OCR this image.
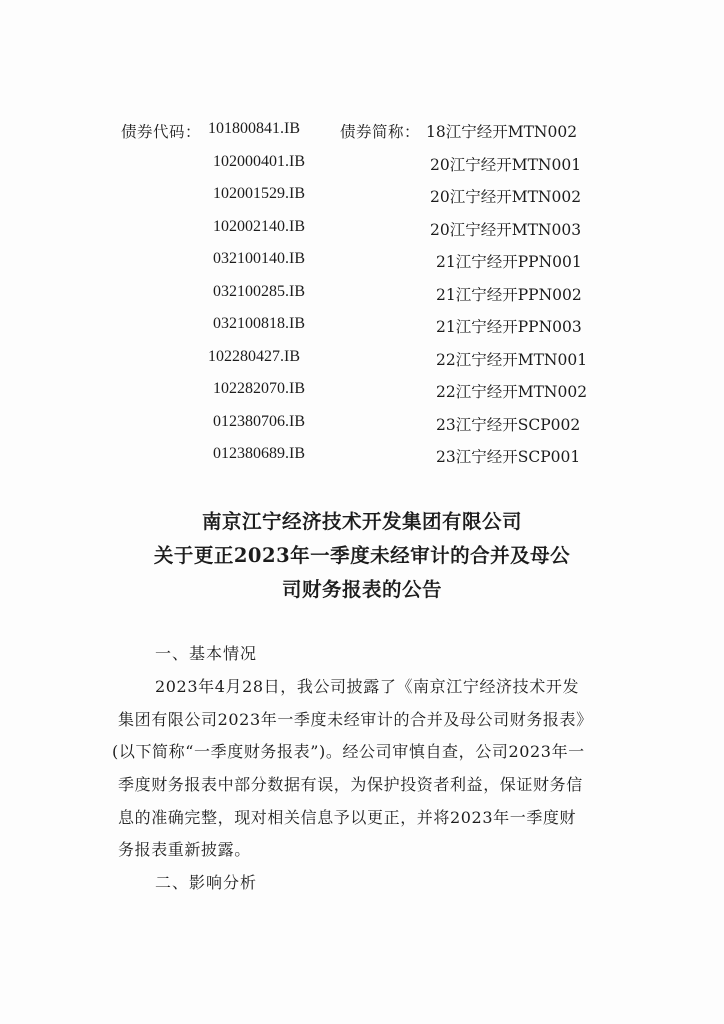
债券代码：	债券简称：
101800841.IB	18江宁经开MTN002
102000401.IB	20江宁经开MTN001
102001529.IB	20江宁经开MTN002
102002140.IB	20江宁经开MTN003
032100140.IB	21江宁经开PPN001
032100285.IB	21江宁经开PPN002
032100818.IB	21江宁经开PPN003
102280427.IB	22江宁经开MTN001
102282070.IB	22江宁经开MTN002
012380706.IB	23江宁经开SCP002
012380689.IB	23江宁经开SCP001
南京江宁经济技术开发集团有限公司
关于更正2023年一季度未经审计的合并及母公
司财务报表的公告
一、基本情况
2023年4月28日，我公司披露了《南京江宁经济技术开发
集团有限公司2023年一季度未经审计的合并及母公司财务报表》
(以下简称“一季度财务报表”)。经公司审慎自查，公司2023年一
季度财务报表中部分数据有误，为保护投资者利益，保证财务信
息的准确完整，现对相关信息予以更正，并将2023年一季度财
务报表重新披露。
二、影响分析
